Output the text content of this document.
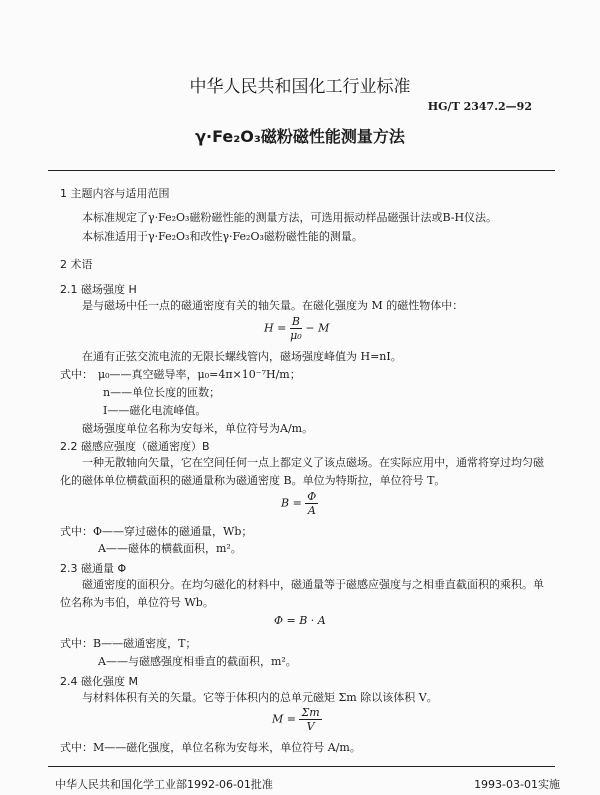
中华人民共和国化工行业标准
HG/T 2347.2—92
γ·Fe₂O₃磁粉磁性能测量方法
1 主题内容与适用范围
本标准规定了γ·Fe₂O₃磁粉磁性能的测量方法，可选用振动样品磁强计法或B-H仪法。
本标准适用于γ·Fe₂O₃和改性γ·Fe₂O₃磁粉磁性能的测量。
2 术语
2.1 磁场强度 H
是与磁场中任一点的磁通密度有关的轴矢量。在磁化强度为 M 的磁性物体中：
$H = \frac{B}{\text{μ₀}} - M$
在通有正弦交流电流的无限长螺线管内，磁场强度峰值为 H=nI。
式中： μ₀——真空磁导率，μ₀=4π×10⁻⁷H/m；
n——单位长度的匝数；
I——磁化电流峰值。
磁场强度单位名称为安每米，单位符号为A/m。
2.2 磁感应强度（磁通密度）B
一种无散轴向矢量，它在空间任何一点上都定义了该点磁场。在实际应用中，通常将穿过均匀磁
化的磁体单位横截面积的磁通量称为磁通密度 B。单位为特斯拉，单位符号 T。
$B = \frac{\Phi}{A}$
式中：Φ——穿过磁体的磁通量，Wb；
A——磁体的横截面积，m²。
2.3 磁通量 Φ
磁通密度的面积分。在均匀磁化的材料中，磁通量等于磁感应强度与之相垂直截面积的乘积。单
位名称为韦伯，单位符号 Wb。
Φ = B · A
式中：B——磁通密度，T；
A——与磁感强度相垂直的截面积，m²。
2.4 磁化强度 M
与材料体积有关的矢量。它等于体积内的总单元磁矩 Σm 除以该体积 V。
$M = \frac{\Sigma m}{V}$
式中：M——磁化强度，单位名称为安每米，单位符号 A/m。
中华人民共和国化学工业部1992-06-01批准	1993-03-01实施
